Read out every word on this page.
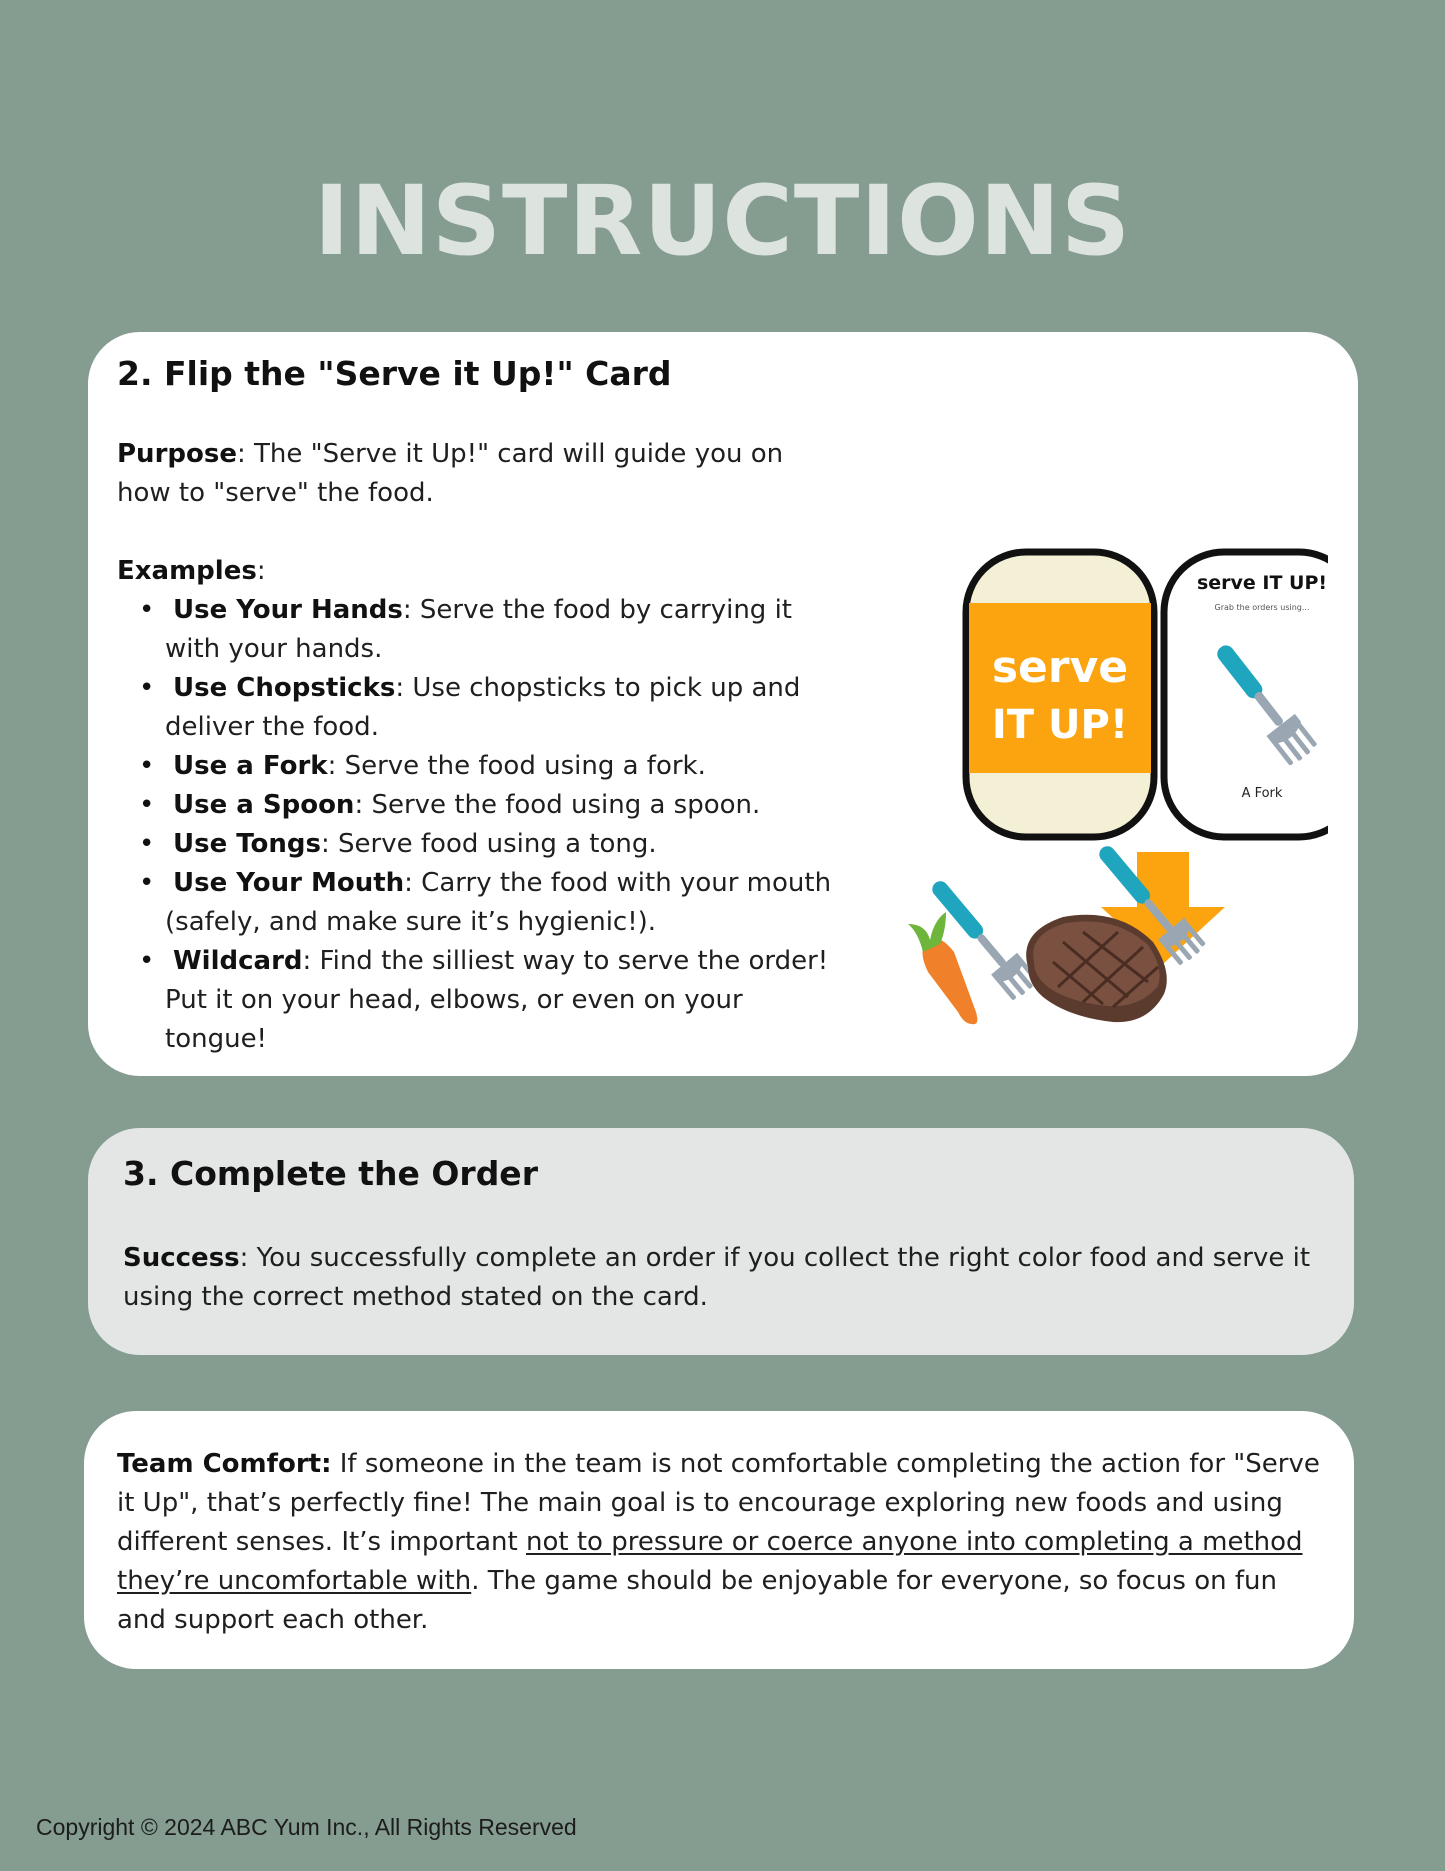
INSTRUCTIONS
2. Flip the "Serve it Up!" Card
Purpose: The "Serve it Up!" card will guide you on how to "serve" the food.
Examples:
• Use Your Hands: Serve the food by carrying it with your hands.
• Use Chopsticks: Use chopsticks to pick up and deliver the food.
• Use a Fork: Serve the food using a fork.
• Use a Spoon: Serve the food using a spoon.
• Use Tongs: Serve food using a tong.
• Use Your Mouth: Carry the food with your mouth (safely, and make sure it’s hygienic!).
• Wildcard: Find the silliest way to serve the order! Put it on your head, elbows, or even on your tongue!
serve
IT UP!
serve IT UP!
Grab the orders using...
A Fork
3. Complete the Order
Success: You successfully complete an order if you collect the right color food and serve it using the correct method stated on the card.
Team Comfort: If someone in the team is not comfortable completing the action for "Serve it Up", that’s perfectly fine! The main goal is to encourage exploring new foods and using different senses. It’s important not to pressure or coerce anyone into completing a method they’re uncomfortable with. The game should be enjoyable for everyone, so focus on fun and support each other.
Copyright © 2024 ABC Yum Inc., All Rights Reserved
